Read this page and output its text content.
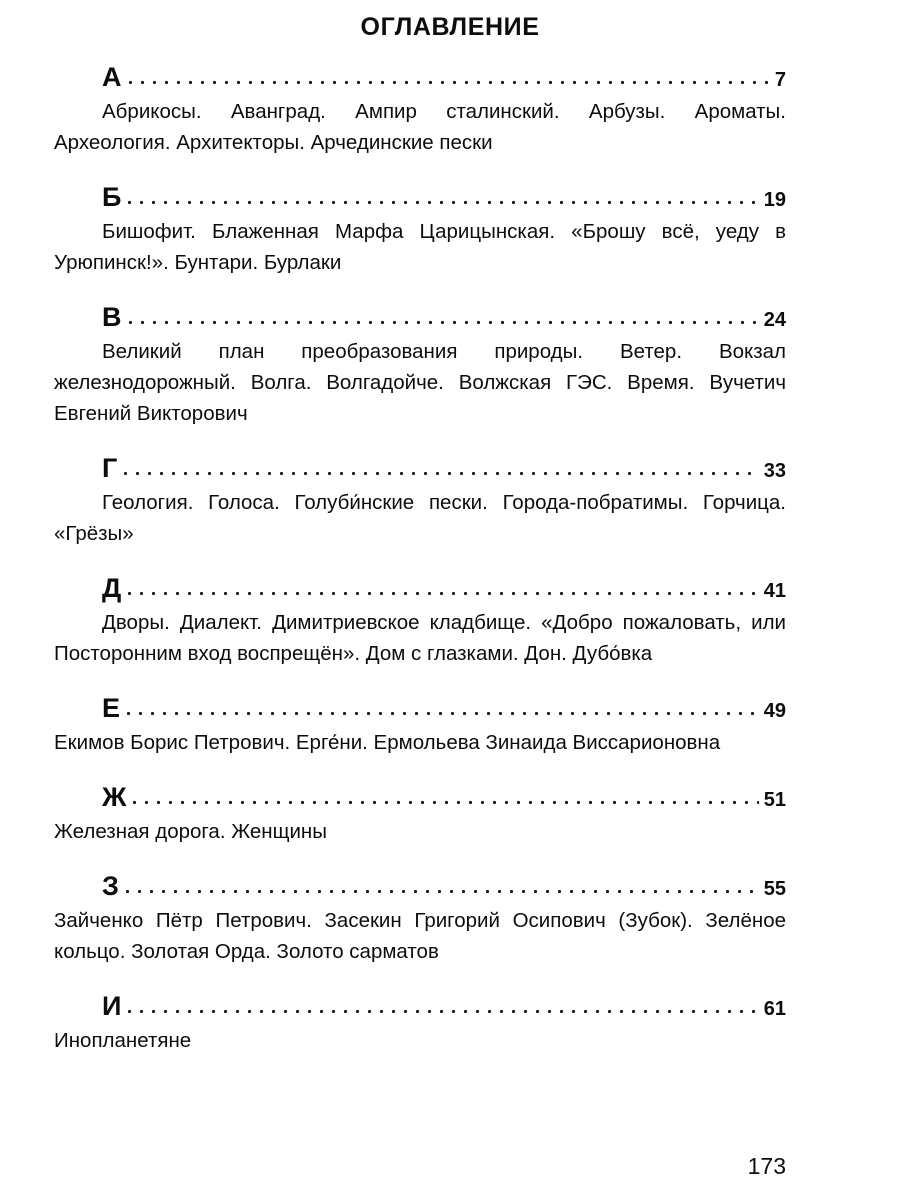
ОГЛАВЛЕНИЕ
А	7

Абрикосы. Аванград. Ампир сталинский. Арбузы. Ароматы. Археология. Архитекторы. Арчединские пески

Б	19

Бишофит. Блаженная Марфа Царицынская. «Брошу всё, уеду в Урюпинск!». Бунтари. Бурлаки

В	24

Великий план преобразования природы. Ветер. Вокзал железнодорожный. Волга. Волгадойче. Волжская ГЭС. Время. Вучетич Евгений Викторович

Г	33

Геология. Голоса. Голуби́нские пески. Города-побратимы. Горчица. «Грёзы»

Д	41

Дворы. Диалект. Димитриевское кладбище. «Добро пожаловать, или Посторонним вход воспрещён». Дом с глазками. Дон. Дубо́вка

Е	49

Екимов Борис Петрович. Ерге́ни. Ермольева Зинаида Виссарионовна

Ж	51

Железная дорога. Женщины

З	55

Зайченко Пётр Петрович. Засекин Григорий Осипович (Зубок). Зелёное кольцо. Золотая Орда. Золото сарматов

И	61

Инопланетяне

173
